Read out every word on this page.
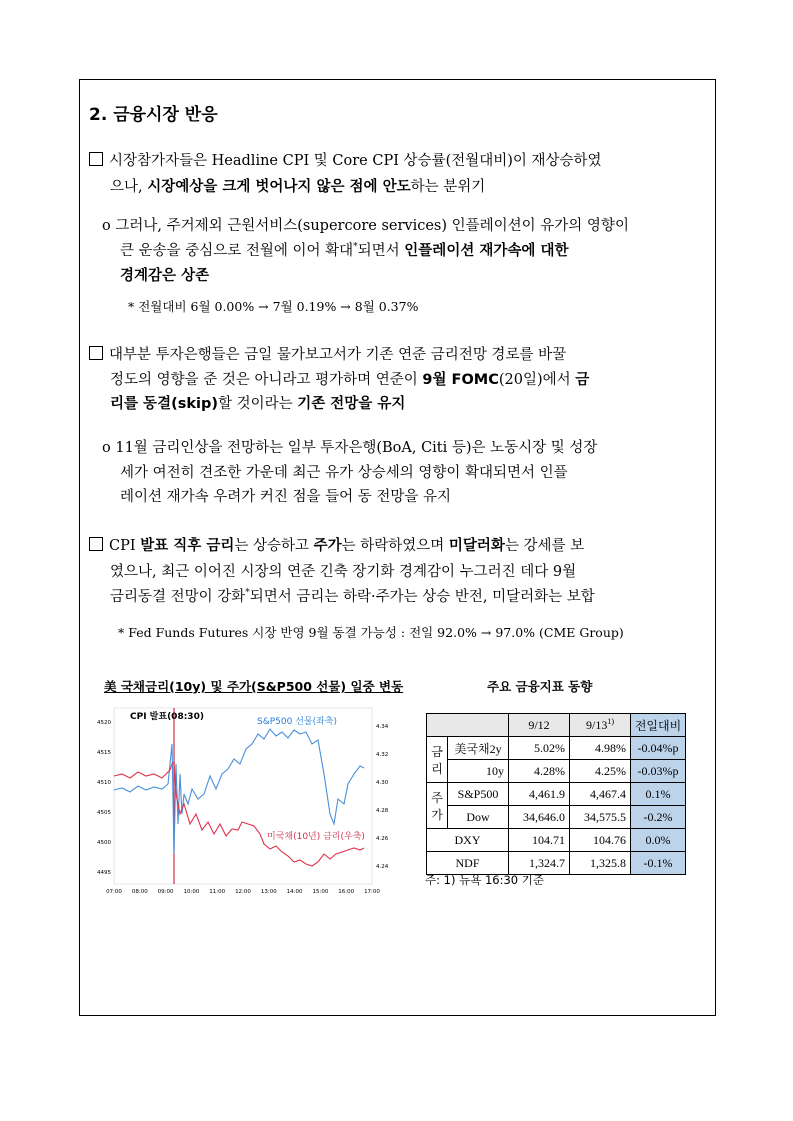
2. 금융시장 반응
시장참가자들은 Headline CPI 및 Core CPI 상승률(전월대비)이 재상승하였
으나, 시장예상을 크게 벗어나지 않은 점에 안도하는 분위기
o 그러나, 주거제외 근원서비스(supercore services) 인플레이션이 유가의 영향이
큰 운송을 중심으로 전월에 이어 확대*되면서 인플레이션 재가속에 대한
경계감은 상존
* 전월대비 6월 0.00% → 7월 0.19% → 8월 0.37%
대부분 투자은행들은 금일 물가보고서가 기존 연준 금리전망 경로를 바꿀
정도의 영향을 준 것은 아니라고 평가하며 연준이 9월 FOMC(20일)에서 금
리를 동결(skip)할 것이라는 기존 전망을 유지
o 11월 금리인상을 전망하는 일부 투자은행(BoA, Citi 등)은 노동시장 및 성장
세가 여전히 견조한 가운데 최근 유가 상승세의 영향이 확대되면서 인플
레이션 재가속 우려가 커진 점을 들어 동 전망을 유지
CPI 발표 직후 금리는 상승하고 주가는 하락하였으며 미달러화는 강세를 보
였으나, 최근 이어진 시장의 연준 긴축 장기화 경계감이 누그러진 데다 9월
금리동결 전망이 강화*되면서 금리는 하락·주가는 상승 반전, 미달러화는 보합
* Fed Funds Futures 시장 반영 9월 동결 가능성 : 전일 92.0% → 97.0% (CME Group)
美 국채금리(10y) 및 주가(S&P500 선물) 일중 변동	주요 금융지표 동향
CPI 발표(08:30)	S&P500 선물(좌축)
미국채(10년) 금리(우축)
07:00 08:00 09:00 10:00 11:00 12:00 13:00 14:00 15:00 16:00 17:00
4520
4515
4510
4505
4500
4495
4.34
4.32
4.30
4.28
4.26
4.24
		9/12	9/13$^{1)}$	전일대비
금리	美국채2y	5.02%	4.98%	-0.04%p
	10y	4.28%	4.25%	-0.03%p
주가	S&P500	4,461.9	4,467.4	0.1%
	Dow	34,646.0	34,575.5	-0.2%
DXY		104.71	104.76	0.0%
NDF		1,324.7	1,325.8	-0.1%
주: 1) 뉴욕 16:30 기준
